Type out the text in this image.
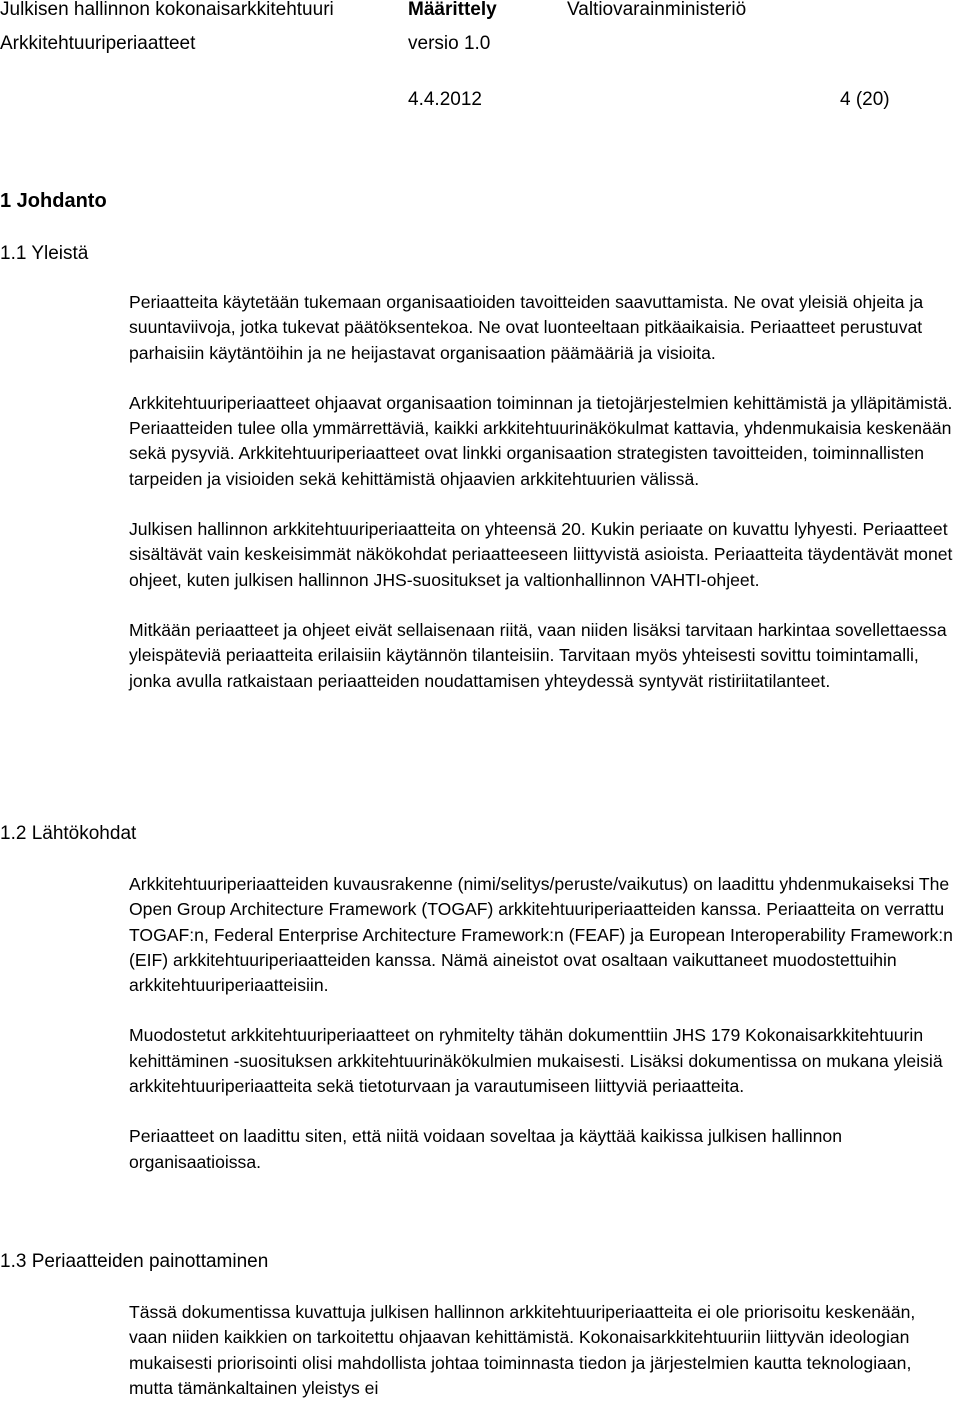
Julkisen hallinnon kokonaisarkkitehtuuri	Määrittely	Valtiovarainministeriö
Arkkitehtuuriperiaatteet	versio 1.0
4.4.2012	4 (20)
1 Johdanto
1.1 Yleistä

Periaatteita käytetään tukemaan organisaatioiden tavoitteiden saavuttamista. Ne ovat yleisiä ohjeita ja suuntaviivoja, jotka tukevat päätöksentekoa. Ne ovat luonteeltaan pitkäaikaisia. Periaatteet perustuvat parhaisiin käytäntöihin ja ne heijastavat organisaation päämääriä ja visioita.

Arkkitehtuuriperiaatteet ohjaavat organisaation toiminnan ja tietojärjestelmien kehittämistä ja ylläpitämistä. Periaatteiden tulee olla ymmärrettäviä, kaikki arkkitehtuurinäkökulmat kattavia, yhdenmukaisia keskenään sekä pysyviä. Arkkitehtuuriperiaatteet ovat linkki organisaation strategisten tavoitteiden, toiminnallisten tarpeiden ja visioiden sekä kehittämistä ohjaavien arkkitehtuurien välissä.

Julkisen hallinnon arkkitehtuuriperiaatteita on yhteensä 20. Kukin periaate on kuvattu lyhyesti. Periaatteet sisältävät vain keskeisimmät näkökohdat periaatteeseen liittyvistä asioista. Periaatteita täydentävät monet ohjeet, kuten julkisen hallinnon JHS-suositukset ja valtionhallinnon VAHTI-ohjeet.

Mitkään periaatteet ja ohjeet eivät sellaisenaan riitä, vaan niiden lisäksi tarvitaan harkintaa sovellettaessa yleispäteviä periaatteita erilaisiin käytännön tilanteisiin. Tarvitaan myös yhteisesti sovittu toimintamalli, jonka avulla ratkaistaan periaatteiden noudattamisen yhteydessä syntyvät ristiriitatilanteet.

1.2 Lähtökohdat

Arkkitehtuuriperiaatteiden kuvausrakenne (nimi/selitys/peruste/vaikutus) on laadittu yhdenmukaiseksi The Open Group Architecture Framework (TOGAF) arkkitehtuuriperiaatteiden kanssa. Periaatteita on verrattu TOGAF:n, Federal Enterprise Architecture Framework:n (FEAF) ja European Interoperability Framework:n (EIF) arkkitehtuuriperiaatteiden kanssa. Nämä aineistot ovat osaltaan vaikuttaneet muodostettuihin arkkitehtuuriperiaatteisiin.

Muodostetut arkkitehtuuriperiaatteet on ryhmitelty tähän dokumenttiin JHS 179 Kokonaisarkkitehtuurin kehittäminen -suosituksen arkkitehtuurinäkökulmien mukaisesti. Lisäksi dokumentissa on mukana yleisiä arkkitehtuuriperiaatteita sekä tietoturvaan ja varautumiseen liittyviä periaatteita.

Periaatteet on laadittu siten, että niitä voidaan soveltaa ja käyttää kaikissa julkisen hallinnon organisaatioissa.

1.3 Periaatteiden painottaminen

Tässä dokumentissa kuvattuja julkisen hallinnon arkkitehtuuriperiaatteita ei ole priorisoitu keskenään, vaan niiden kaikkien on tarkoitettu ohjaavan kehittämistä. Kokonaisarkkitehtuuriin liittyvän ideologian mukaisesti priorisointi olisi mahdollista johtaa toiminnasta tiedon ja järjestelmien kautta teknologiaan, mutta tämänkaltainen yleistys ei
